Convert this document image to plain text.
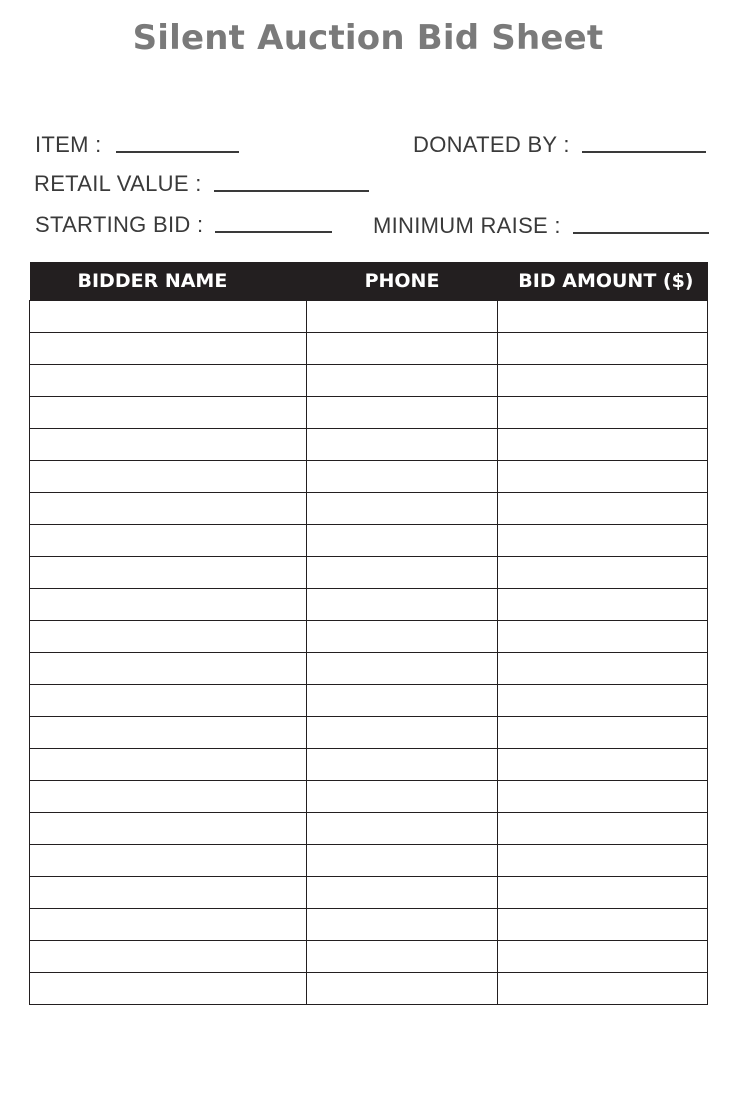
Silent Auction Bid Sheet
ITEM :	DONATED BY :
RETAIL VALUE :
STARTING BID :	MINIMUM RAISE :
BIDDER NAME	PHONE	BID AMOUNT ($)
